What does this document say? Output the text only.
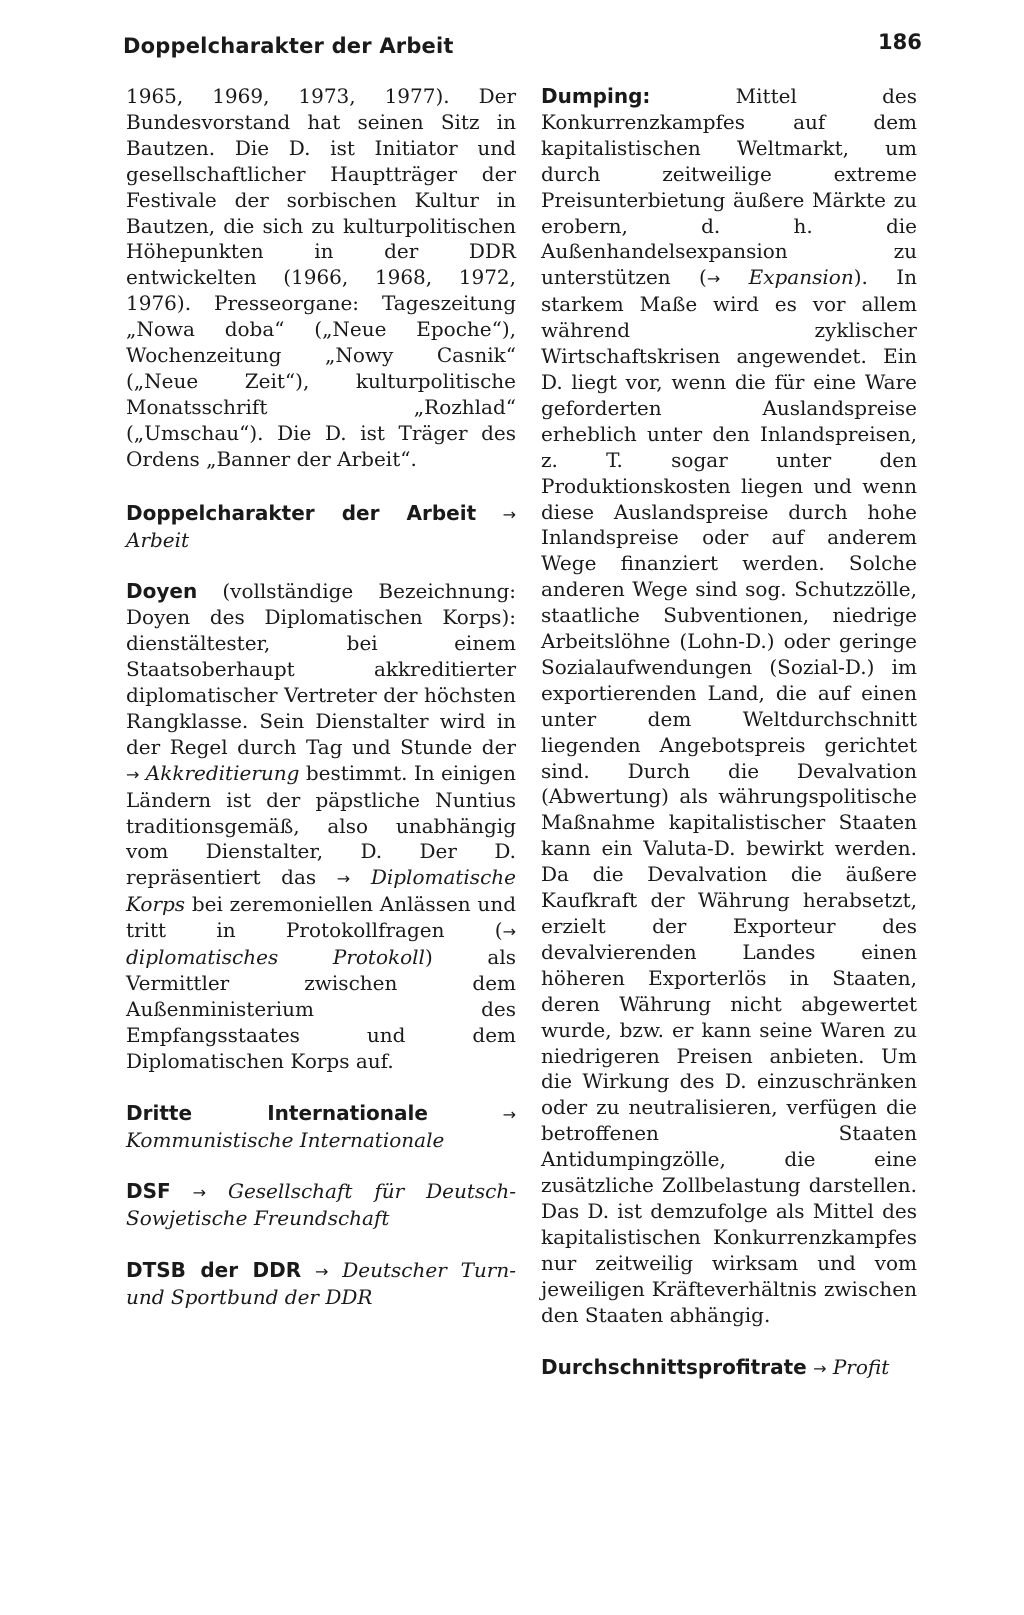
Doppelcharakter der Arbeit	186

1965, 1969, 1973, 1977). Der Bundesvorstand hat seinen Sitz in Bautzen. Die D. ist Initiator und gesellschaftlicher Hauptträger der Festivale der sorbischen Kultur in Bautzen, die sich zu kulturpolitischen Höhepunkten in der DDR entwickelten (1966, 1968, 1972, 1976). Presseorgane: Tageszeitung „Nowa doba“ („Neue Epoche“), Wochenzeitung „Nowy Casnik“ („Neue Zeit“), kulturpolitische Monatsschrift „Rozhlad“ („Umschau“). Die D. ist Träger des Ordens „Banner der Arbeit“.

Doppelcharakter der Arbeit → Arbeit

Doyen (vollständige Bezeichnung: Doyen des Diplomatischen Korps): dienstältester, bei einem Staatsoberhaupt akkreditierter diplomatischer Vertreter der höchsten Rangklasse. Sein Dienstalter wird in der Regel durch Tag und Stunde der → Akkreditierung bestimmt. In einigen Ländern ist der päpstliche Nuntius traditionsgemäß, also unabhängig vom Dienstalter, D. Der D. repräsentiert das → Diplomatische Korps bei zeremoniellen Anlässen und tritt in Protokollfragen (→ diplomatisches Protokoll) als Vermittler zwischen dem Außenministerium des Empfangsstaates und dem Diplomatischen Korps auf.

Dritte Internationale	→ Kommunistische Internationale

DSF → Gesellschaft für Deutsch-Sowjetische Freundschaft

DTSB der DDR → Deutscher Turn- und Sportbund der DDR

Dumping:	Mittel des Konkurrenzkampfes auf dem kapitalistischen Weltmarkt, um durch zeitweilige extreme Preisunterbietung äußere Märkte zu erobern, d. h. die Außenhandelsexpansion zu unterstützen (→ Expansion). In starkem Maße wird es vor allem während zyklischer Wirtschaftskrisen angewendet. Ein D. liegt vor, wenn die für eine Ware geforderten Auslandspreise erheblich unter den Inlandspreisen, z. T. sogar unter den Produktionskosten liegen und wenn diese Auslandspreise durch hohe Inlandspreise oder auf anderem Wege finanziert werden. Solche anderen Wege sind sog. Schutzzölle, staatliche Subventionen, niedrige Arbeitslöhne (Lohn-D.) oder geringe Sozialaufwendungen (Sozial-D.) im exportierenden Land, die auf einen unter dem Weltdurchschnitt liegenden Angebotspreis gerichtet sind. Durch die Devalvation (Abwertung) als währungspolitische Maßnahme kapitalistischer Staaten kann ein Valuta-D. bewirkt werden. Da die Devalvation die äußere Kaufkraft der Währung herabsetzt, erzielt der Exporteur des devalvierenden Landes einen höheren Exporterlös in Staaten, deren Währung nicht abgewertet wurde, bzw. er kann seine Waren zu niedrigeren Preisen anbieten. Um die Wirkung des D. einzuschränken oder zu neutralisieren, verfügen die betroffenen Staaten Antidumpingzölle, die eine zusätzliche Zollbelastung darstellen. Das D. ist demzufolge als Mittel des kapitalistischen Konkurrenzkampfes nur zeitweilig wirksam und vom jeweiligen Kräfteverhältnis zwischen den Staaten abhängig.

Durchschnittsprofitrate → Profit
